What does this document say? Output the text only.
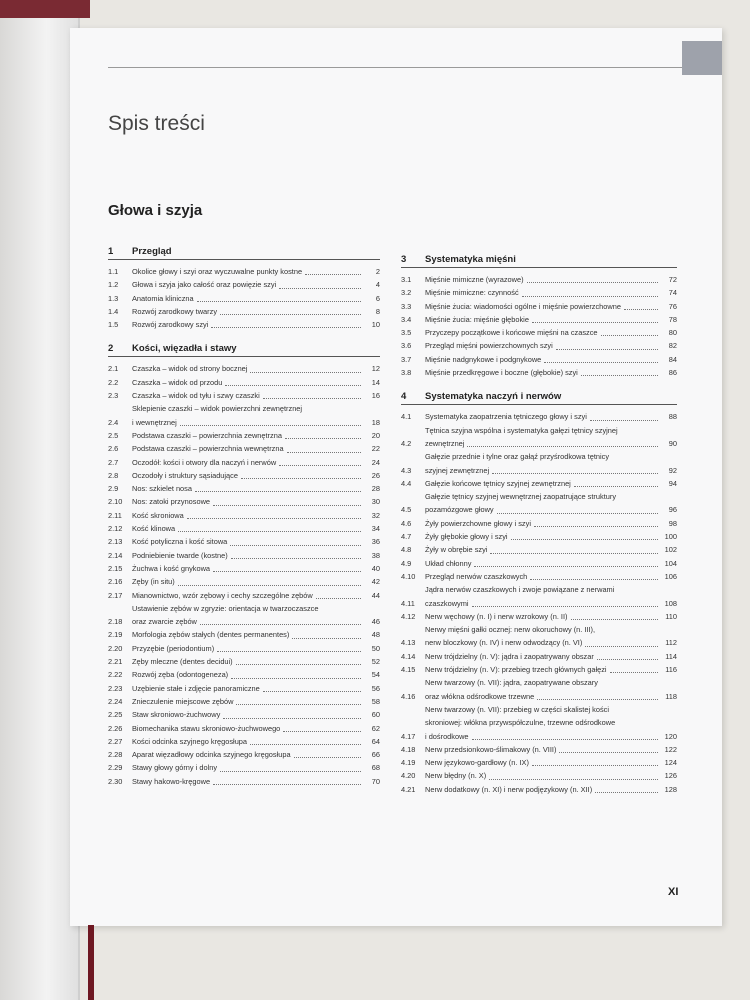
Spis treści
Głowa i szyja
1	Przegląd
1.1	Okolice głowy i szyi oraz wyczuwalne punkty kostne	2
1.2	Głowa i szyja jako całość oraz powięzie szyi	4
1.3	Anatomia kliniczna	6
1.4	Rozwój zarodkowy twarzy	8
1.5	Rozwój zarodkowy szyi	10
2	Kości, więzadła i stawy
2.1	Czaszka – widok od strony bocznej	12
2.2	Czaszka – widok od przodu	14
2.3	Czaszka – widok od tyłu i szwy czaszki	16
2.4
Sklepienie czaszki – widok powierzchni zewnętrznej
i wewnętrznej	18
2.5	Podstawa czaszki – powierzchnia zewnętrzna	20
2.6	Podstawa czaszki – powierzchnia wewnętrzna	22
2.7	Oczodół: kości i otwory dla naczyń i nerwów	24
2.8	Oczodoły i struktury sąsiadujące	26
2.9	Nos: szkielet nosa	28
2.10	Nos: zatoki przynosowe	30
2.11	Kość skroniowa	32
2.12	Kość klinowa	34
2.13	Kość potyliczna i kość sitowa	36
2.14	Podniebienie twarde (kostne)	38
2.15	Żuchwa i kość gnykowa	40
2.16	Zęby (in situ)	42
2.17	Mianownictwo, wzór zębowy i cechy szczególne zębów	44
2.18
Ustawienie zębów w zgryzie: orientacja w twarzoczaszce
oraz zwarcie zębów	46
2.19	Morfologia zębów stałych (dentes permanentes)	48
2.20	Przyzębie (periodontium)	50
2.21	Zęby mleczne (dentes decidui)	52
2.22	Rozwój zęba (odontogeneza)	54
2.23	Uzębienie stałe i zdjęcie panoramiczne	56
2.24	Znieczulenie miejscowe zębów	58
2.25	Staw skroniowo-żuchwowy	60
2.26	Biomechanika stawu skroniowo-żuchwowego	62
2.27	Kości odcinka szyjnego kręgosłupa	64
2.28	Aparat więzadłowy odcinka szyjnego kręgosłupa	66
2.29	Stawy głowy górny i dolny	68
2.30	Stawy hakowo-kręgowe	70
3	Systematyka mięśni
3.1	Mięśnie mimiczne (wyrazowe)	72
3.2	Mięśnie mimiczne: czynność	74
3.3	Mięśnie żucia: wiadomości ogólne i mięśnie powierzchowne	76
3.4	Mięśnie żucia: mięśnie głębokie	78
3.5	Przyczepy początkowe i końcowe mięśni na czaszce	80
3.6	Przegląd mięśni powierzchownych szyi	82
3.7	Mięśnie nadgnykowe i podgnykowe	84
3.8	Mięśnie przedkręgowe i boczne (głębokie) szyi	86
4	Systematyka naczyń i nerwów
4.1	Systematyka zaopatrzenia tętniczego głowy i szyi	88
4.2
Tętnica szyjna wspólna i systematyka gałęzi tętnicy szyjnej
zewnętrznej	90
4.3
Gałęzie przednie i tylne oraz gałąź przyśrodkowa tętnicy
szyjnej zewnętrznej	92
4.4	Gałęzie końcowe tętnicy szyjnej zewnętrznej	94
4.5
Gałęzie tętnicy szyjnej wewnętrznej zaopatrujące struktury
pozamózgowe głowy	96
4.6	Żyły powierzchowne głowy i szyi	98
4.7	Żyły głębokie głowy i szyi	100
4.8	Żyły w obrębie szyi	102
4.9	Układ chłonny	104
4.10	Przegląd nerwów czaszkowych	106
4.11
Jądra nerwów czaszkowych i zwoje powiązane z nerwami
czaszkowymi	108
4.12	Nerw węchowy (n. I) i nerw wzrokowy (n. II)	110
4.13
Nerwy mięśni gałki ocznej: nerw okoruchowy (n. III),
nerw bloczkowy (n. IV) i nerw odwodzący (n. VI)	112
4.14	Nerw trójdzielny (n. V): jądra i zaopatrywany obszar	114
4.15	Nerw trójdzielny (n. V): przebieg trzech głównych gałęzi	116
4.16
Nerw twarzowy (n. VII): jądra, zaopatrywane obszary
oraz włókna odśrodkowe trzewne	118
4.17
Nerw twarzowy (n. VII): przebieg w części skalistej kości
skroniowej: włókna przywspółczulne, trzewne odśrodkowe
i dośrodkowe	120
4.18	Nerw przedsionkowo-ślimakowy (n. VIII)	122
4.19	Nerw językowo-gardłowy (n. IX)	124
4.20	Nerw błędny (n. X)	126
4.21	Nerw dodatkowy (n. XI) i nerw podjęzykowy (n. XII)	128
XI
